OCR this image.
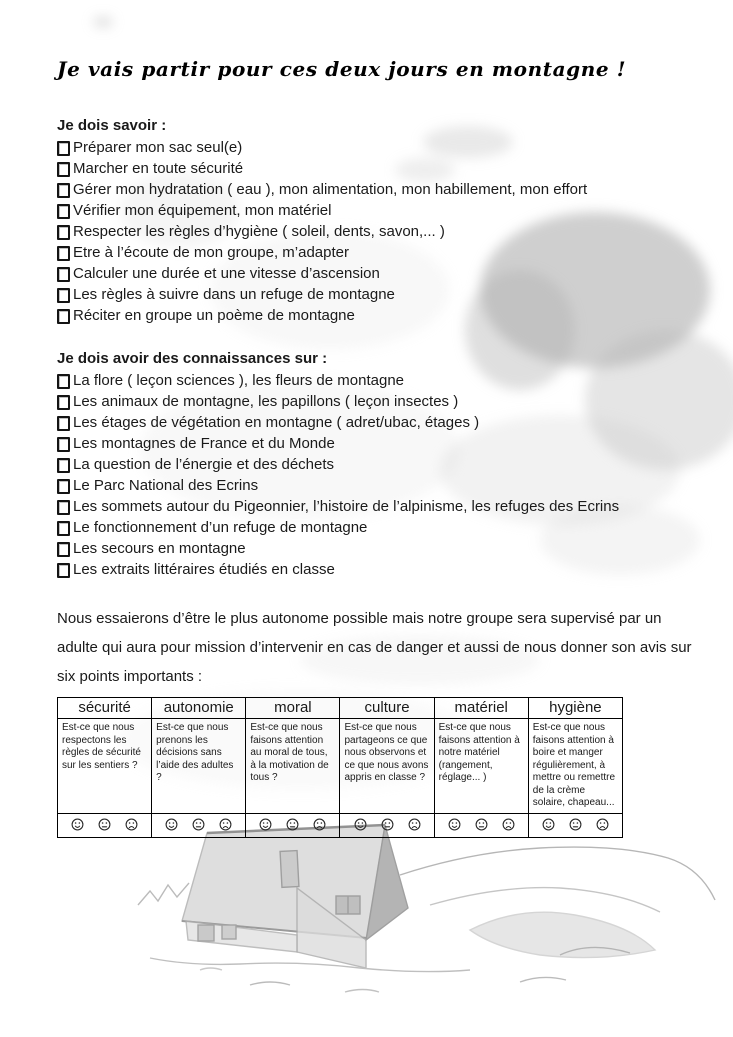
Je vais partir pour ces deux jours en montagne !
Je dois savoir :
Préparer mon sac seul(e)
Marcher en toute sécurité
Gérer mon hydratation ( eau ), mon alimentation, mon habillement, mon effort
Vérifier mon équipement, mon matériel
Respecter les règles d’hygiène ( soleil, dents, savon,... )
Etre à l’écoute de mon groupe, m’adapter
Calculer une durée et une vitesse d’ascension
Les règles à suivre dans un refuge de montagne
Réciter en groupe un poème de montagne
Je dois avoir des connaissances sur :
La flore ( leçon sciences ), les fleurs de montagne
Les animaux de montagne, les papillons ( leçon insectes )
Les étages de végétation en montagne ( adret/ubac, étages )
Les montagnes de France et du Monde
La question de l’énergie et des déchets
Le Parc National des Ecrins
Les sommets autour du Pigeonnier, l’histoire de l’alpinisme, les refuges des Ecrins
Le fonctionnement d’un refuge de montagne
Les secours en montagne
Les extraits littéraires étudiés en classe

Nous essaierons d’être le plus autonome possible mais notre groupe sera supervisé par un adulte qui aura pour mission d’intervenir en cas de danger et aussi de nous donner son avis sur six points importants :

sécurité	autonomie	moral	culture	matériel	hygiène
Est-ce que nous respectons les règles de sécurité sur les sentiers ?	Est-ce que nous prenons les décisions sans l’aide des adultes ?	Est-ce que nous faisons attention au moral de tous, à la motivation de tous ?	Est-ce que nous partageons ce que nous observons et ce que nous avons appris en classe ?	Est-ce que nous faisons attention à notre matériel (rangement, réglage... )	Est-ce que nous faisons attention à boire et manger régulièrement, à mettre ou remettre de la crème solaire, chapeau...
